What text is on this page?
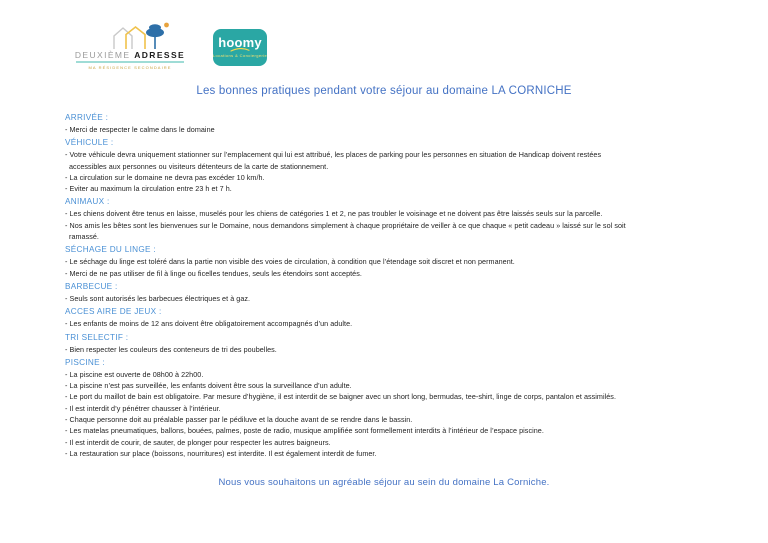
DEUXIÈME ADRESSE
MA RÉSIDENCE SECONDAIRE
hoomy
Locations & Conciergerie
Les bonnes pratiques pendant votre séjour au domaine LA CORNICHE
ARRIVÉE :
- Merci de respecter le calme dans le domaine
VÉHICULE :
- Votre véhicule devra uniquement stationner sur l’emplacement qui lui est attribué, les places de parking pour les personnes en situation de Handicap doivent restées
accessibles aux personnes ou visiteurs détenteurs de la carte de stationnement.
- La circulation sur le domaine ne devra pas excéder 10 km/h.
- Eviter au maximum la circulation entre 23 h et 7 h.
ANIMAUX :
- Les chiens doivent être tenus en laisse, muselés pour les chiens de catégories 1 et 2, ne pas troubler le voisinage et ne doivent pas être laissés seuls sur la parcelle.
- Nos amis les bêtes sont les bienvenues sur le Domaine, nous demandons simplement à chaque propriétaire de veiller à ce que chaque « petit cadeau » laissé sur le sol soit
ramassé.
SÉCHAGE DU LINGE :
- Le séchage du linge est toléré dans la partie non visible des voies de circulation, à condition que l’étendage soit discret et non permanent.
- Merci de ne pas utiliser de fil à linge ou ficelles tendues, seuls les étendoirs sont acceptés.
BARBECUE :
- Seuls sont autorisés les barbecues électriques et à gaz.
ACCES AIRE DE JEUX :
- Les enfants de moins de 12 ans doivent être obligatoirement accompagnés d’un adulte.
TRI SELECTIF :
- Bien respecter les couleurs des conteneurs de tri des poubelles.
PISCINE :
- La piscine est ouverte de 08h00 à 22h00.
- La piscine n’est pas surveillée, les enfants doivent être sous la surveillance d’un adulte.
- Le port du maillot de bain est obligatoire. Par mesure d’hygiène, il est interdit de se baigner avec un short long, bermudas, tee-shirt, linge de corps, pantalon et assimilés.
- Il est interdit d’y pénétrer chausser à l’intérieur.
- Chaque personne doit au préalable passer par le pédiluve et la douche avant de se rendre dans le bassin.
- Les matelas pneumatiques, ballons, bouées, palmes, poste de radio, musique amplifiée sont formellement interdits à l’intérieur de l’espace piscine.
- Il est interdit de courir, de sauter, de plonger pour respecter les autres baigneurs.
- La restauration sur place (boissons, nourritures) est interdite. Il est également interdit de fumer.
Nous vous souhaitons un agréable séjour au sein du domaine La Corniche.
